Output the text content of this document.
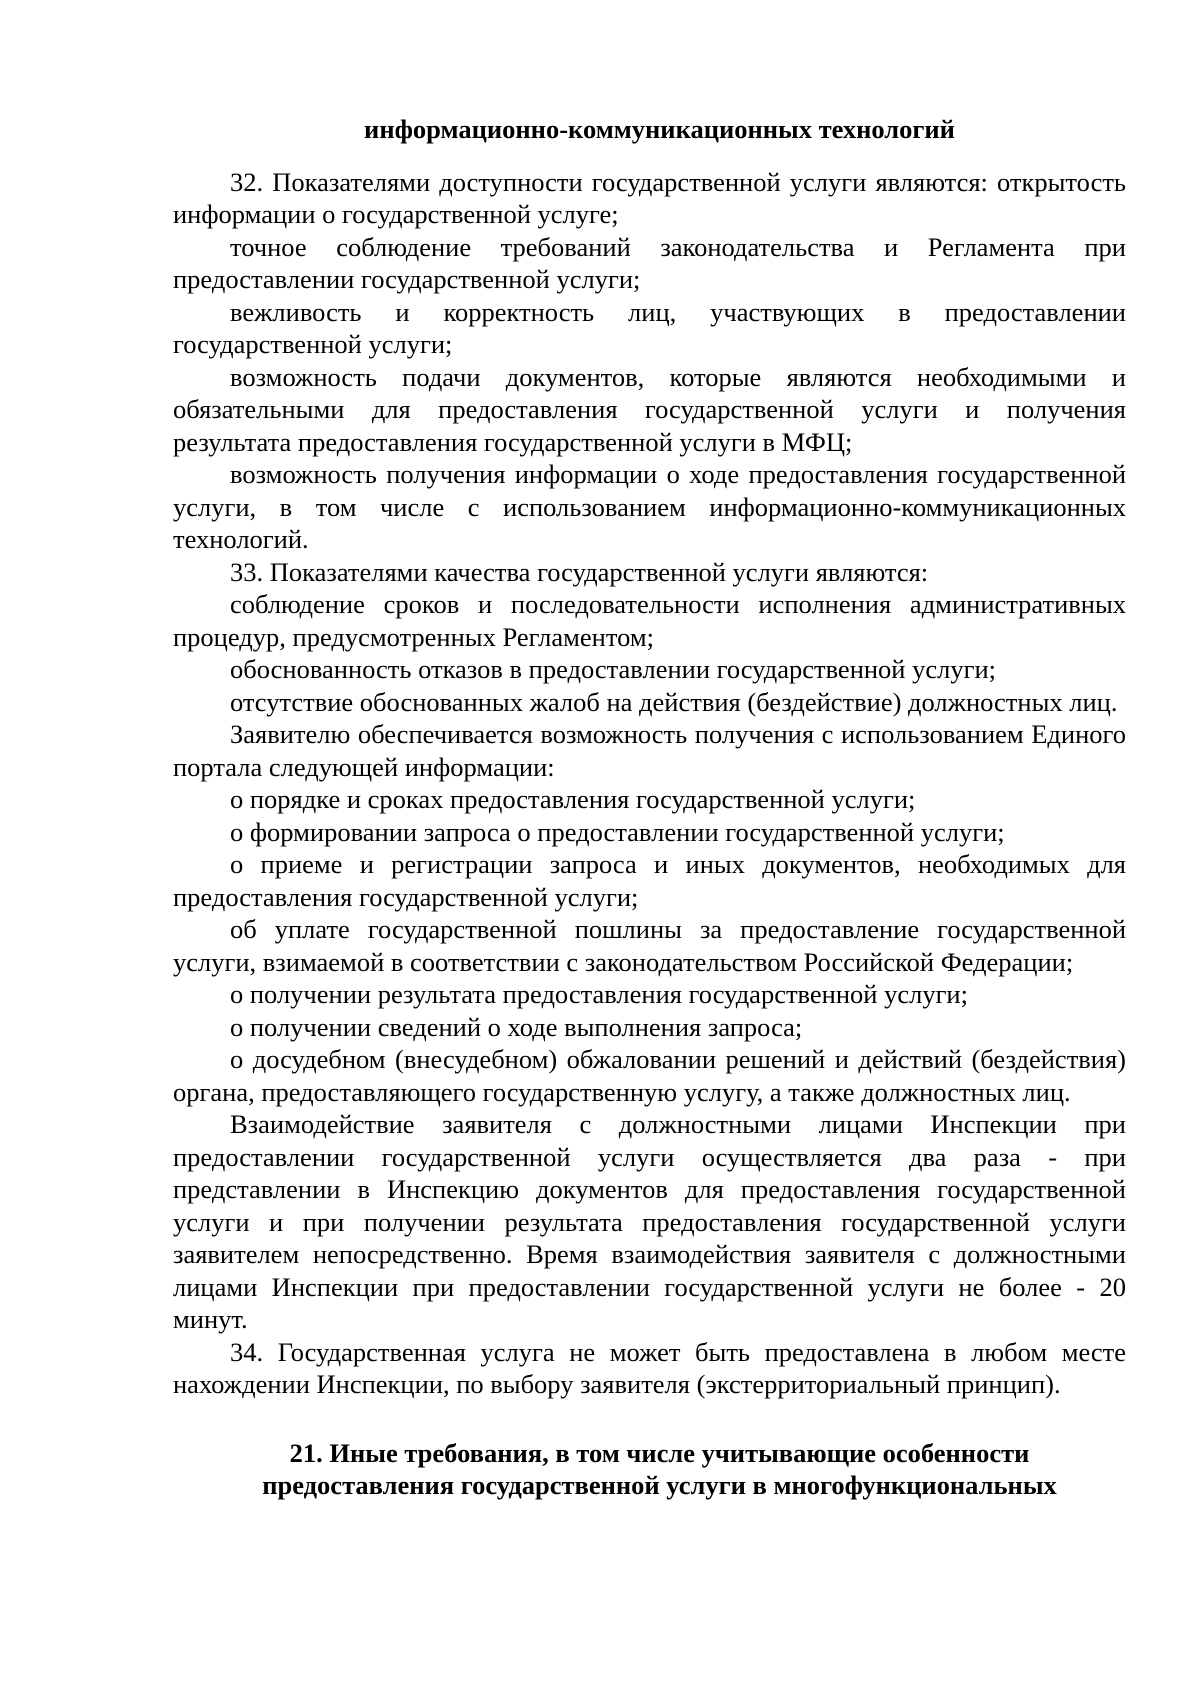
информационно-коммуникационных технологий

32. Показателями доступности государственной услуги являются: открытость информации о государственной услуге;

точное соблюдение требований законодательства и Регламента при предоставлении государственной услуги;

вежливость и корректность лиц, участвующих в предоставлении государственной услуги;

возможность подачи документов, которые являются необходимыми и обязательными для предоставления государственной услуги и получения результата предоставления государственной услуги в МФЦ;

возможность получения информации о ходе предоставления государственной услуги, в том числе с использованием информационно-коммуникационных технологий.

33. Показателями качества государственной услуги являются:

соблюдение сроков и последовательности исполнения административных процедур, предусмотренных Регламентом;

обоснованность отказов в предоставлении государственной услуги;

отсутствие обоснованных жалоб на действия (бездействие) должностных лиц.

Заявителю обеспечивается возможность получения с использованием Единого портала следующей информации:

о порядке и сроках предоставления государственной услуги;

о формировании запроса о предоставлении государственной услуги;

о приеме и регистрации запроса и иных документов, необходимых для предоставления государственной услуги;

об уплате государственной пошлины за предоставление государственной услуги, взимаемой в соответствии с законодательством Российской Федерации;

о получении результата предоставления государственной услуги;

о получении сведений о ходе выполнения запроса;

о досудебном (внесудебном) обжаловании решений и действий (бездействия) органа, предоставляющего государственную услугу, а также должностных лиц.

Взаимодействие заявителя с должностными лицами Инспекции при предоставлении государственной услуги осуществляется два раза - при представлении в Инспекцию документов для предоставления государственной услуги и при получении результата предоставления государственной услуги заявителем непосредственно. Время взаимодействия заявителя с должностными лицами Инспекции при предоставлении государственной услуги не более - 20 минут.

34. Государственная услуга не может быть предоставлена в любом месте нахождении Инспекции, по выбору заявителя (экстерриториальный принцип).

21. Иные требования, в том числе учитывающие особенности
предоставления государственной услуги в многофункциональных
